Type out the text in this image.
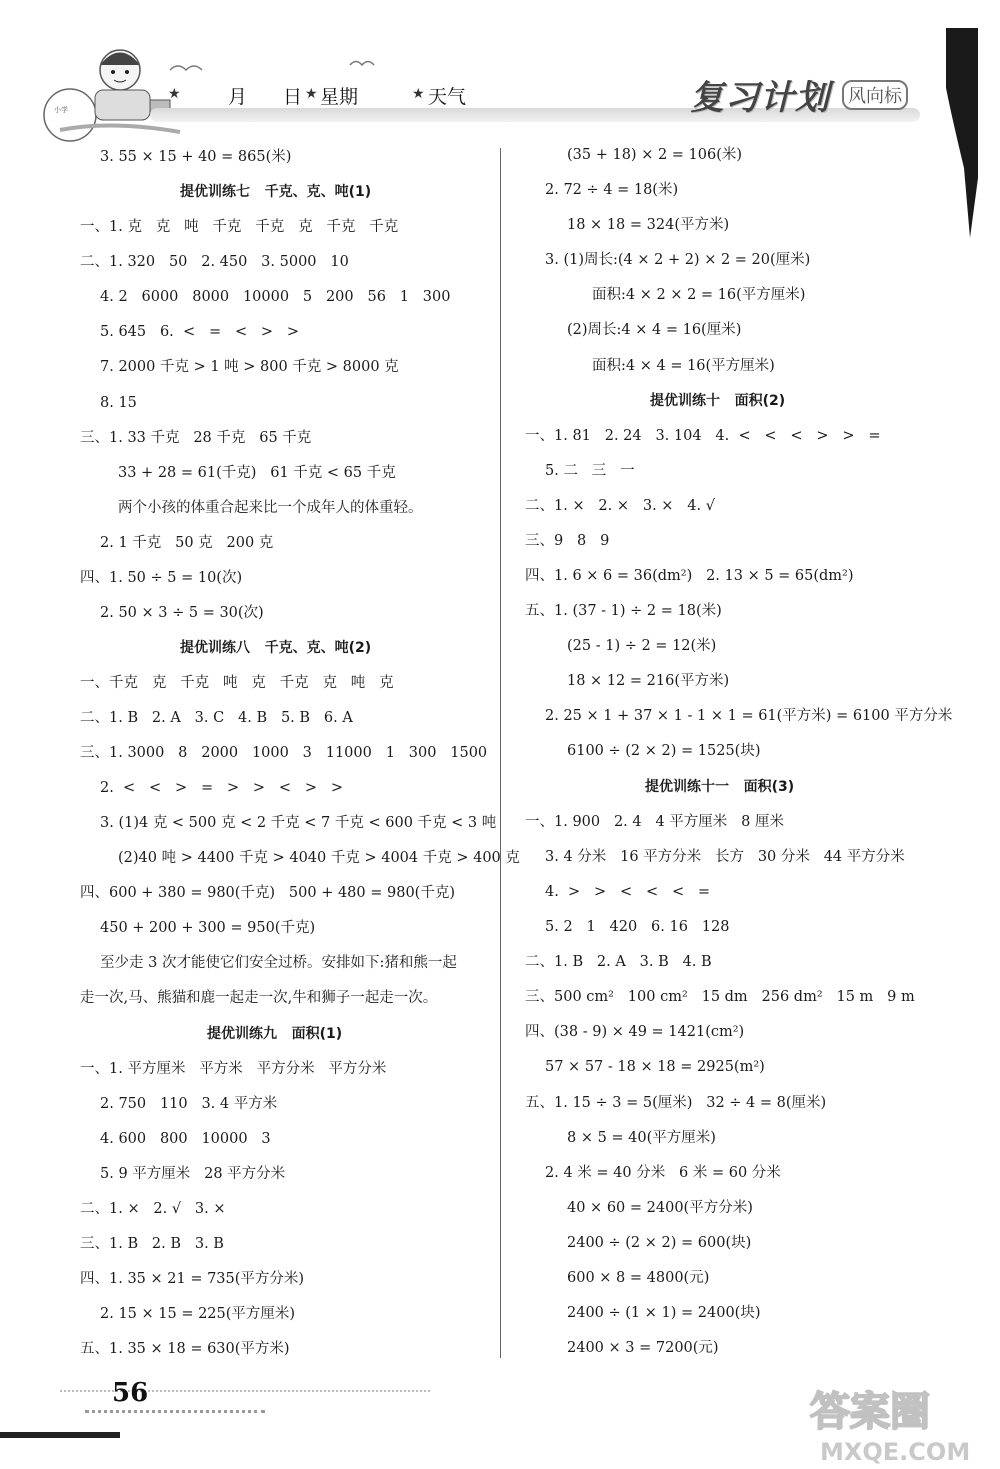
小学
★ 月 日 ★ 星期	★ 天气	复习计划	风向标
3. 55 × 15 + 40 = 865(米)
提优训练七   千克、克、吨(1)
一、1. 克   克   吨   千克   千克   克   千克   千克
二、1. 320   50   2. 450   3. 5000   10
4. 2   6000   8000   10000   5   200   56   1   300
5. 645   6.  <   =   <   >   >
7. 2000 千克 > 1 吨 > 800 千克 > 8000 克
8. 15
三、1. 33 千克   28 千克   65 千克
33 + 28 = 61(千克)   61 千克 < 65 千克
两个小孩的体重合起来比一个成年人的体重轻。
2. 1 千克   50 克   200 克
四、1. 50 ÷ 5 = 10(次)
2. 50 × 3 ÷ 5 = 30(次)
提优训练八   千克、克、吨(2)
一、千克   克   千克   吨   克   千克   克   吨   克
二、1. B   2. A   3. C   4. B   5. B   6. A
三、1. 3000   8   2000   1000   3   11000   1   300   1500
2.  <   <   >   =   >   >   <   >   >
3. (1)4 克 < 500 克 < 2 千克 < 7 千克 < 600 千克 < 3 吨
(2)40 吨 > 4400 千克 > 4040 千克 > 4004 千克 > 400 克
四、600 + 380 = 980(千克)   500 + 480 = 980(千克)
450 + 200 + 300 = 950(千克)
至少走 3 次才能使它们安全过桥。安排如下:猪和熊一起
走一次,马、熊猫和鹿一起走一次,牛和狮子一起走一次。
提优训练九   面积(1)
一、1. 平方厘米   平方米   平方分米   平方分米
2. 750   110   3. 4 平方米
4. 600   800   10000   3
5. 9 平方厘米   28 平方分米
二、1. ×   2. √   3. ×
三、1. B   2. B   3. B
四、1. 35 × 21 = 735(平方分米)
2. 15 × 15 = 225(平方厘米)
五、1. 35 × 18 = 630(平方米)
(35 + 18) × 2 = 106(米)
2. 72 ÷ 4 = 18(米)
18 × 18 = 324(平方米)
3. (1)周长:(4 × 2 + 2) × 2 = 20(厘米)
面积:4 × 2 × 2 = 16(平方厘米)
(2)周长:4 × 4 = 16(厘米)
面积:4 × 4 = 16(平方厘米)
提优训练十   面积(2)
一、1. 81   2. 24   3. 104   4.  <   <   <   >   >   =
5. 二   三   一
二、1. ×   2. ×   3. ×   4. √
三、9   8   9
四、1. 6 × 6 = 36(dm²)   2. 13 × 5 = 65(dm²)
五、1. (37 - 1) ÷ 2 = 18(米)
(25 - 1) ÷ 2 = 12(米)
18 × 12 = 216(平方米)
2. 25 × 1 + 37 × 1 - 1 × 1 = 61(平方米) = 6100 平方分米
6100 ÷ (2 × 2) = 1525(块)
提优训练十一   面积(3)
一、1. 900   2. 4   4 平方厘米   8 厘米
3. 4 分米   16 平方分米   长方   30 分米   44 平方分米
4.  >   >   <   <   <   =
5. 2   1   420   6. 16   128
二、1. B   2. A   3. B   4. B
三、500 cm²   100 cm²   15 dm   256 dm²   15 m   9 m
四、(38 - 9) × 49 = 1421(cm²)
57 × 57 - 18 × 18 = 2925(m²)
五、1. 15 ÷ 3 = 5(厘米)   32 ÷ 4 = 8(厘米)
8 × 5 = 40(平方厘米)
2. 4 米 = 40 分米   6 米 = 60 分米
40 × 60 = 2400(平方分米)
2400 ÷ (2 × 2) = 600(块)
600 × 8 = 4800(元)
2400 ÷ (1 × 1) = 2400(块)
2400 × 3 = 7200(元)
56	答案圈
MXQE.COM
